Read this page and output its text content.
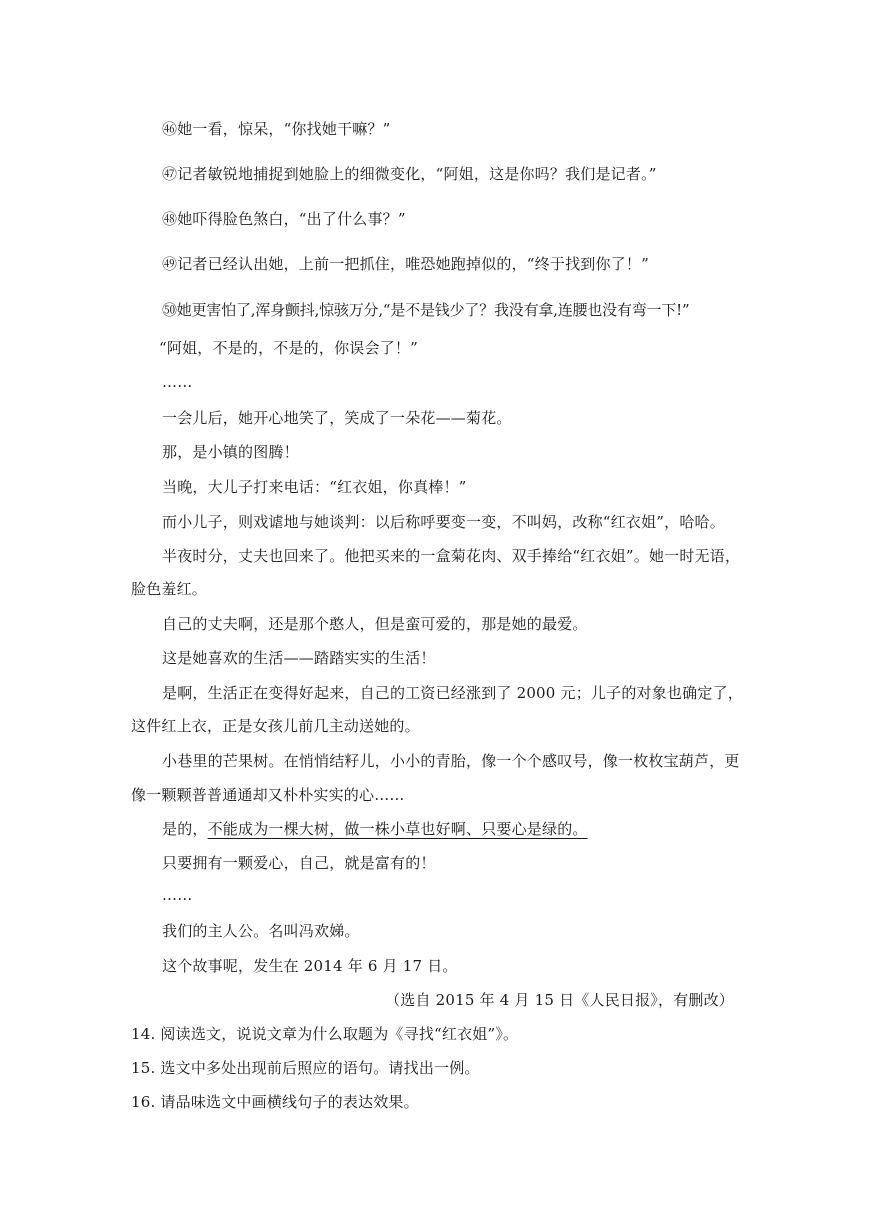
㊻她一看，惊呆，“你找她干嘛？”
㊼记者敏锐地捕捉到她脸上的细微变化，“阿姐，这是你吗？我们是记者。”
㊽她吓得脸色煞白，“出了什么事？”
㊾记者已经认出她，上前一把抓住，唯恐她跑掉似的，“终于找到你了！”
㊿她更害怕了,浑身颤抖,惊骇万分,“是不是钱少了？我没有拿,连腰也没有弯一下!”
“阿姐，不是的，不是的，你误会了！”
……
一会儿后，她开心地笑了，笑成了一朵花——菊花。
那，是小镇的图腾！
当晚，大儿子打来电话：“红衣姐，你真棒！”
而小儿子，则戏谑地与她谈判：以后称呼要变一变，不叫妈，改称“红衣姐”，哈哈。
半夜时分，丈夫也回来了。他把买来的一盒菊花肉、双手捧给“红衣姐”。她一时无语，
脸色羞红。
自己的丈夫啊，还是那个憨人，但是蛮可爱的，那是她的最爱。
这是她喜欢的生活——踏踏实实的生活！
是啊，生活正在变得好起来，自己的工资已经涨到了 2000 元；儿子的对象也确定了，
这件红上衣，正是女孩儿前几主动送她的。
小巷里的芒果树。在悄悄结籽儿，小小的青胎，像一个个感叹号，像一枚枚宝葫芦，更
像一颗颗普普通通却又朴朴实实的心……
是的，不能成为一棵大树，做一株小草也好啊、只要心是绿的。
只要拥有一颗爱心，自己，就是富有的！
……
我们的主人公。名叫冯欢娣。
这个故事呢，发生在 2014 年 6 月 17 日。
（选自 2015 年 4 月 15 日《人民日报》，有删改）
14. 阅读选文，说说文章为什么取题为《寻找“红衣姐”》。
15. 选文中多处出现前后照应的语句。请找出一例。
16. 请品味选文中画横线句子的表达效果。
